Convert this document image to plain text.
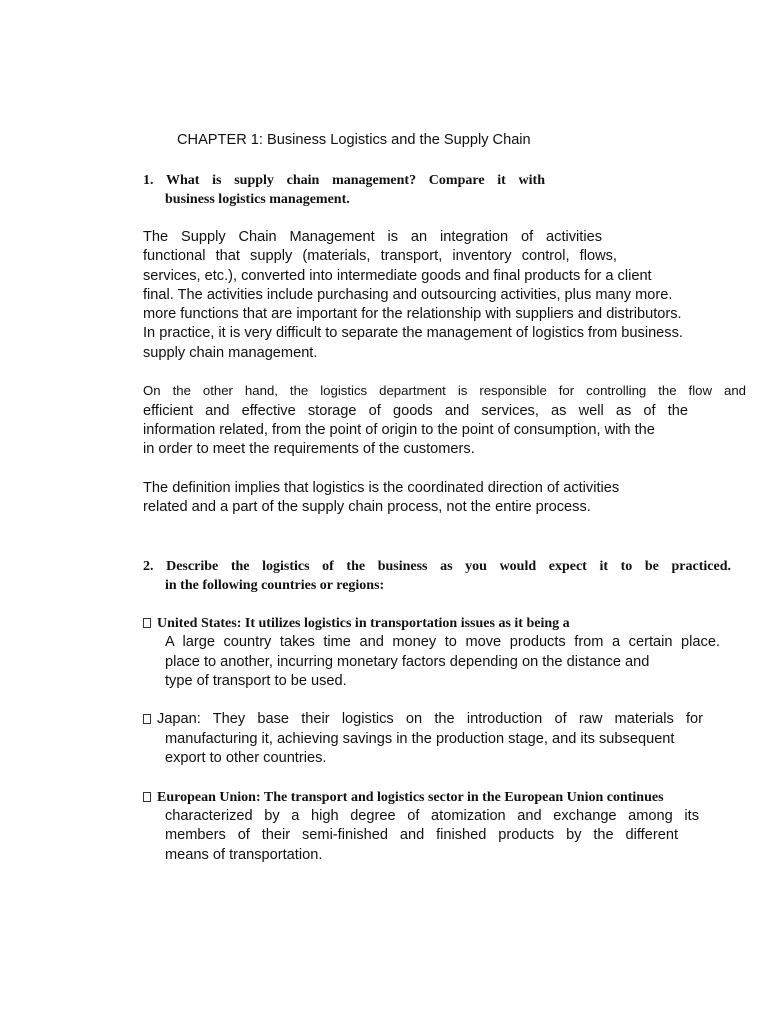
CHAPTER 1: Business Logistics and the Supply Chain
1. What is supply chain management? Compare it with
business logistics management.
The Supply Chain Management is an integration of activities
functional that supply (materials, transport, inventory control, flows,
services, etc.), converted into intermediate goods and final products for a client
final. The activities include purchasing and outsourcing activities, plus many more.
more functions that are important for the relationship with suppliers and distributors.
In practice, it is very difficult to separate the management of logistics from business.
supply chain management.
On the other hand, the logistics department is responsible for controlling the flow and
efficient and effective storage of goods and services, as well as of the
information related, from the point of origin to the point of consumption, with the
in order to meet the requirements of the customers.
The definition implies that logistics is the coordinated direction of activities
related and a part of the supply chain process, not the entire process.
2. Describe the logistics of the business as you would expect it to be practiced.
in the following countries or regions:
United States: It utilizes logistics in transportation issues as it being a
A large country takes time and money to move products from a certain place.
place to another, incurring monetary factors depending on the distance and
type of transport to be used.
Japan: They base their logistics on the introduction of raw materials for
manufacturing it, achieving savings in the production stage, and its subsequent
export to other countries.
European Union: The transport and logistics sector in the European Union continues
characterized by a high degree of atomization and exchange among its
members of their semi-finished and finished products by the different
means of transportation.
